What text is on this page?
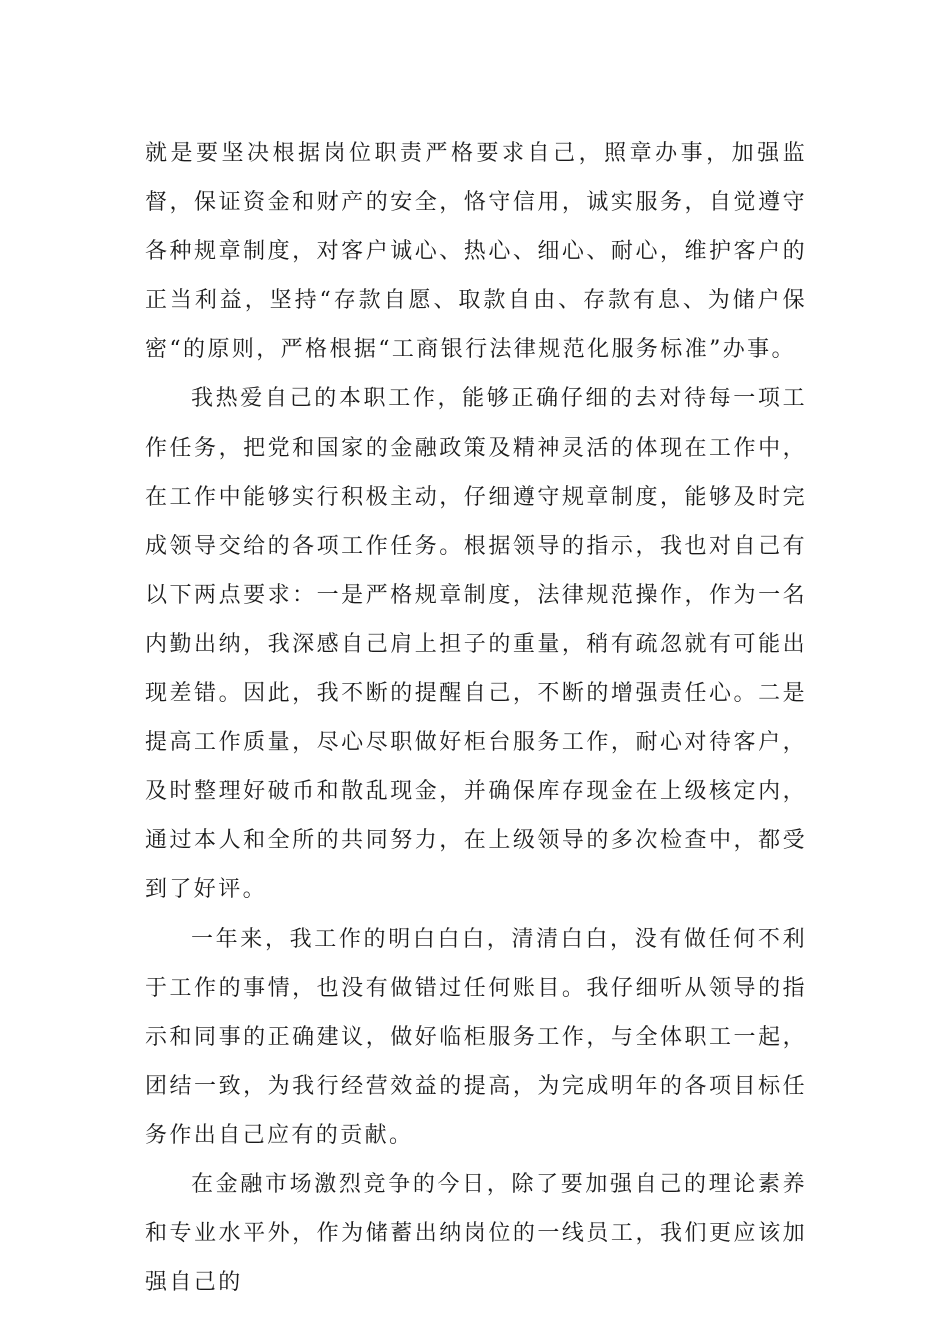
就是要坚决根据岗位职责严格要求自己，照章办事，加强监督，保证资金和财产的安全，恪守信用，诚实服务，自觉遵守各种规章制度，对客户诚心、热心、细心、耐心，维护客户的正当利益，坚持“存款自愿、取款自由、存款有息、为储户保密“的原则，严格根据“工商银行法律规范化服务标准”办事。

我热爱自己的本职工作，能够正确仔细的去对待每一项工作任务，把党和国家的金融政策及精神灵活的体现在工作中，在工作中能够实行积极主动，仔细遵守规章制度，能够及时完成领导交给的各项工作任务。根据领导的指示，我也对自己有以下两点要求：一是严格规章制度，法律规范操作，作为一名内勤出纳，我深感自己肩上担子的重量，稍有疏忽就有可能出现差错。因此，我不断的提醒自己，不断的增强责任心。二是提高工作质量，尽心尽职做好柜台服务工作，耐心对待客户，及时整理好破币和散乱现金，并确保库存现金在上级核定内，通过本人和全所的共同努力，在上级领导的多次检查中，都受到了好评。

一年来，我工作的明白白白，清清白白，没有做任何不利于工作的事情，也没有做错过任何账目。我仔细听从领导的指示和同事的正确建议，做好临柜服务工作，与全体职工一起，团结一致，为我行经营效益的提高，为完成明年的各项目标任务作出自己应有的贡献。

在金融市场激烈竞争的今日，除了要加强自己的理论素养和专业水平外，作为储蓄出纳岗位的一线员工，我们更应该加强自己的
